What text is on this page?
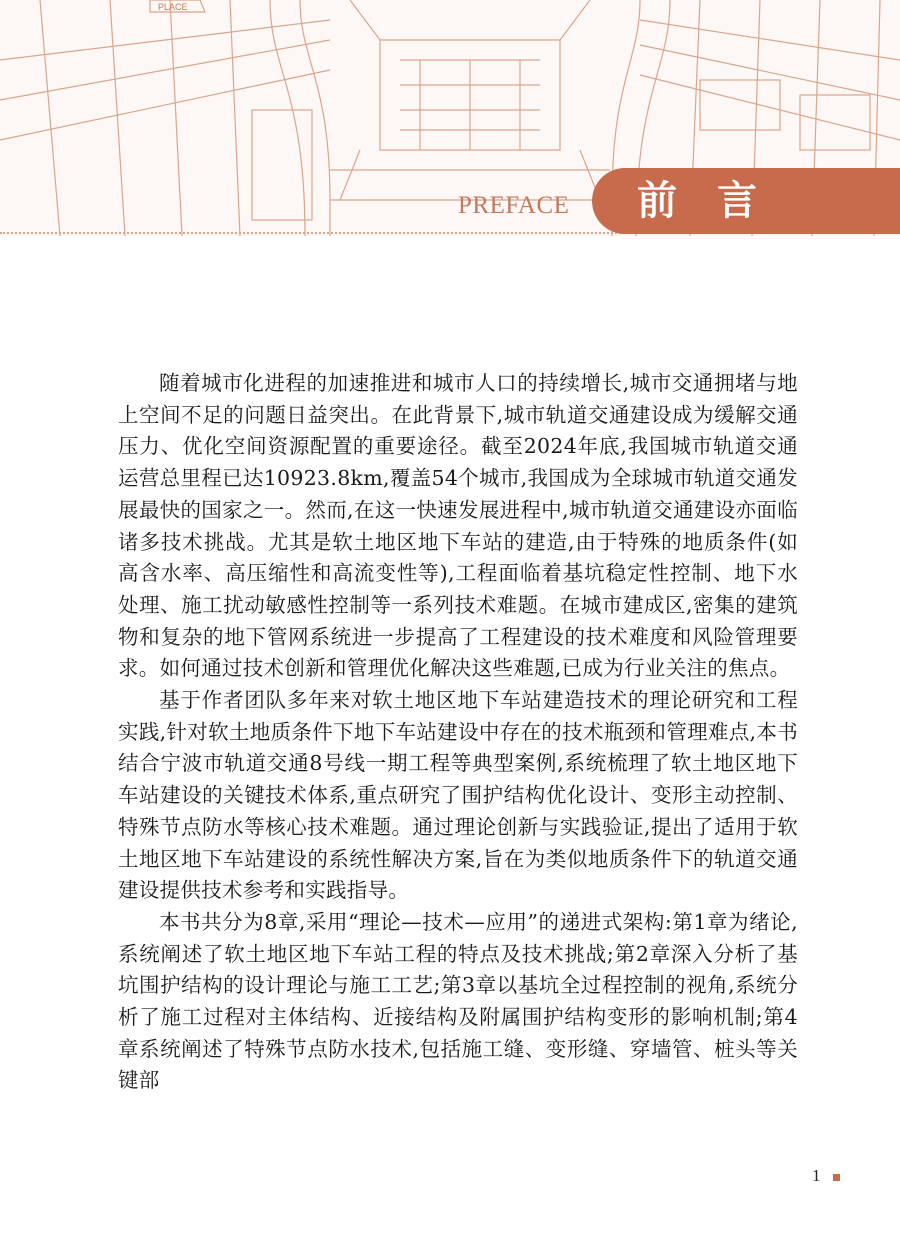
PLACE
PREFACE 前言

随着城市化进程的加速推进和城市人口的持续增长,城市交通拥堵与地上空间不足的问题日益突出。在此背景下,城市轨道交通建设成为缓解交通压力、优化空间资源配置的重要途径。截至2024年底,我国城市轨道交通运营总里程已达10923.8km,覆盖54个城市,我国成为全球城市轨道交通发展最快的国家之一。然而,在这一快速发展进程中,城市轨道交通建设亦面临诸多技术挑战。尤其是软土地区地下车站的建造,由于特殊的地质条件(如高含水率、高压缩性和高流变性等),工程面临着基坑稳定性控制、地下水处理、施工扰动敏感性控制等一系列技术难题。在城市建成区,密集的建筑物和复杂的地下管网系统进一步提高了工程建设的技术难度和风险管理要求。如何通过技术创新和管理优化解决这些难题,已成为行业关注的焦点。

基于作者团队多年来对软土地区地下车站建造技术的理论研究和工程实践,针对软土地质条件下地下车站建设中存在的技术瓶颈和管理难点,本书结合宁波市轨道交通8号线一期工程等典型案例,系统梳理了软土地区地下车站建设的关键技术体系,重点研究了围护结构优化设计、变形主动控制、特殊节点防水等核心技术难题。通过理论创新与实践验证,提出了适用于软土地区地下车站建设的系统性解决方案,旨在为类似地质条件下的轨道交通建设提供技术参考和实践指导。

本书共分为8章,采用“理论—技术—应用”的递进式架构:第1章为绪论,系统阐述了软土地区地下车站工程的特点及技术挑战;第2章深入分析了基坑围护结构的设计理论与施工工艺;第3章以基坑全过程控制的视角,系统分析了施工过程对主体结构、近接结构及附属围护结构变形的影响机制;第4章系统阐述了特殊节点防水技术,包括施工缝、变形缝、穿墙管、桩头等关键部

1
